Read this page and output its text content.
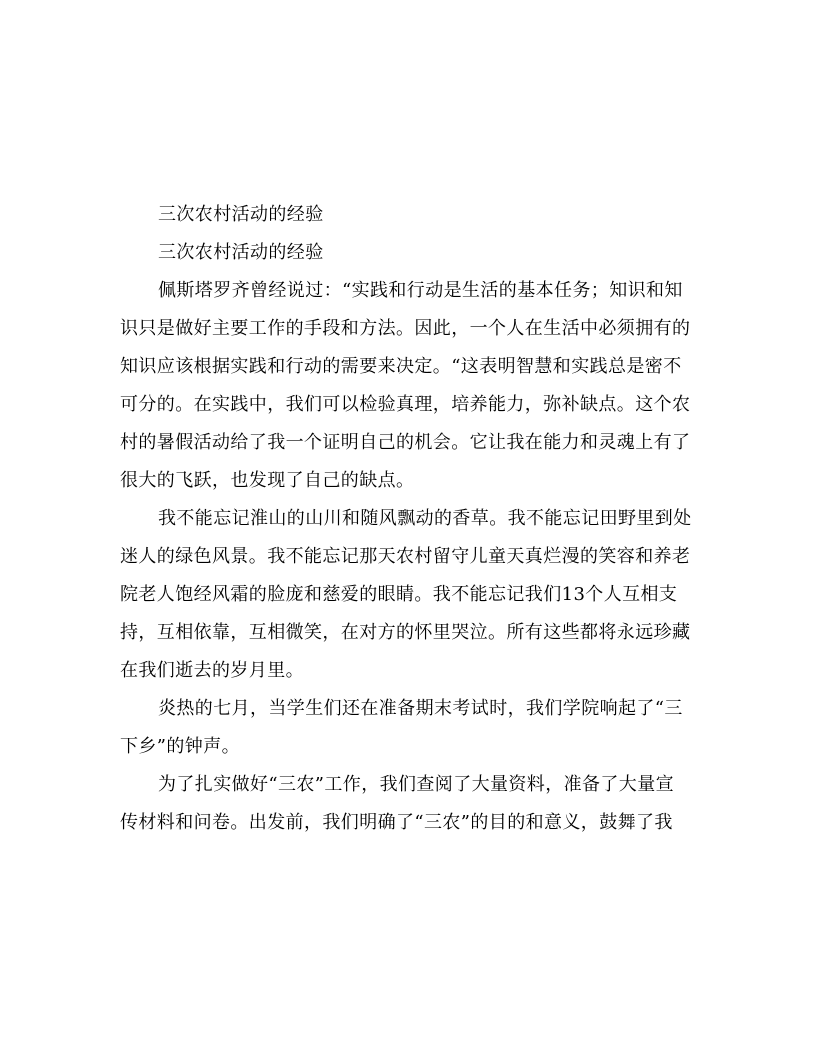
三次农村活动的经验
三次农村活动的经验
佩斯塔罗齐曾经说过：“实践和行动是生活的基本任务；知识和知
识只是做好主要工作的手段和方法。因此，一个人在生活中必须拥有的
知识应该根据实践和行动的需要来决定。“这表明智慧和实践总是密不
可分的。在实践中，我们可以检验真理，培养能力，弥补缺点。这个农
村的暑假活动给了我一个证明自己的机会。它让我在能力和灵魂上有了
很大的飞跃，也发现了自己的缺点。
我不能忘记淮山的山川和随风飘动的香草。我不能忘记田野里到处
迷人的绿色风景。我不能忘记那天农村留守儿童天真烂漫的笑容和养老
院老人饱经风霜的脸庞和慈爱的眼睛。我不能忘记我们13个人互相支
持，互相依靠，互相微笑，在对方的怀里哭泣。所有这些都将永远珍藏
在我们逝去的岁月里。
炎热的七月，当学生们还在准备期末考试时，我们学院响起了“三
下乡”的钟声。
为了扎实做好“三农”工作，我们查阅了大量资料，准备了大量宣
传材料和问卷。出发前，我们明确了“三农”的目的和意义，鼓舞了我
